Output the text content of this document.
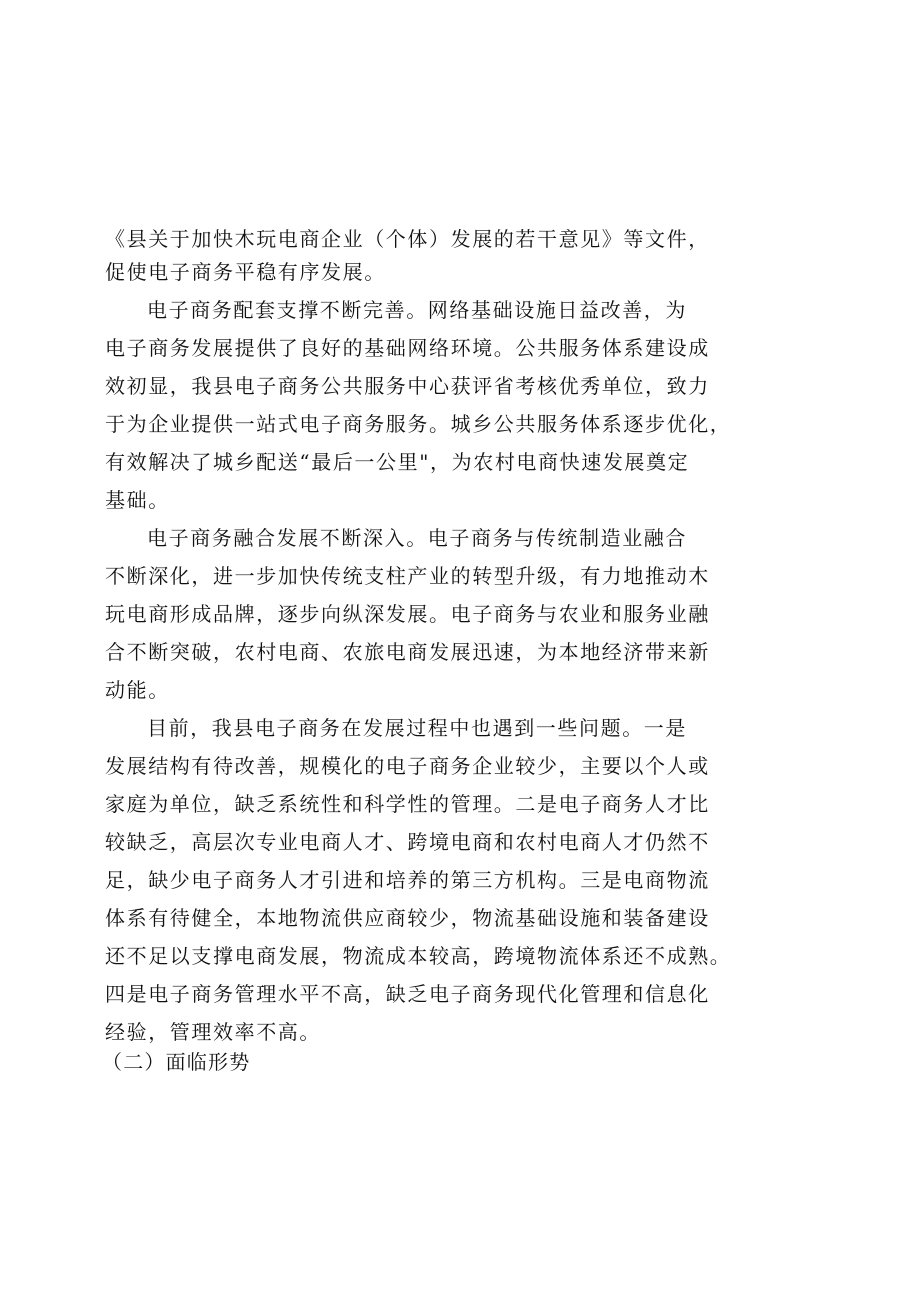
《县关于加快木玩电商企业（个体）发展的若干意见》等文件，
促使电子商务平稳有序发展。
电子商务配套支撑不断完善。网络基础设施日益改善，为
电子商务发展提供了良好的基础网络环境。公共服务体系建设成
效初显，我县电子商务公共服务中心获评省考核优秀单位，致力
于为企业提供一站式电子商务服务。城乡公共服务体系逐步优化，
有效解决了城乡配送“最后一公里"，为农村电商快速发展奠定
基础。
电子商务融合发展不断深入。电子商务与传统制造业融合
不断深化，进一步加快传统支柱产业的转型升级，有力地推动木
玩电商形成品牌，逐步向纵深发展。电子商务与农业和服务业融
合不断突破，农村电商、农旅电商发展迅速，为本地经济带来新
动能。
目前，我县电子商务在发展过程中也遇到一些问题。一是
发展结构有待改善，规模化的电子商务企业较少，主要以个人或
家庭为单位，缺乏系统性和科学性的管理。二是电子商务人才比
较缺乏，高层次专业电商人才、跨境电商和农村电商人才仍然不
足，缺少电子商务人才引进和培养的第三方机构。三是电商物流
体系有待健全，本地物流供应商较少，物流基础设施和装备建设
还不足以支撑电商发展，物流成本较高，跨境物流体系还不成熟。
四是电子商务管理水平不高，缺乏电子商务现代化管理和信息化
经验，管理效率不高。
（二）面临形势
